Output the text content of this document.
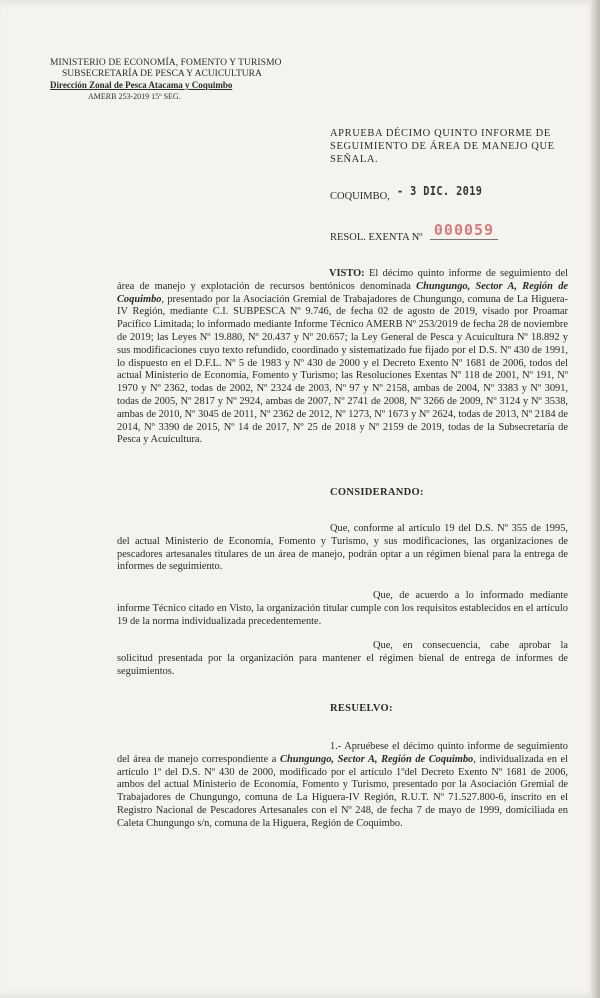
MINISTERIO DE ECONOMÍA, FOMENTO Y TURISMO
SUBSECRETARÍA DE PESCA Y ACUICULTURA
Dirección Zonal de Pesca Atacama y Coquimbo
AMERB 253-2019 15º SEG.
APRUEBA DÉCIMO QUINTO INFORME DE SEGUIMIENTO DE ÁREA DE MANEJO QUE SEÑALA.
COQUIMBO, - 3 DIC. 2019
RESOL. EXENTA Nº 000059
VISTO: El décimo quinto informe de seguimiento del área de manejo y explotación de recursos bentónicos denominada Chungungo, Sector A, Región de Coquimbo, presentado por la Asociación Gremial de Trabajadores de Chungungo, comuna de La Higuera-IV Región, mediante C.I. SUBPESCA Nº 9.746, de fecha 02 de agosto de 2019, visado por Proamar Pacífico Limitada; lo informado mediante Informe Técnico AMERB Nº 253/2019 de fecha 28 de noviembre de 2019; las Leyes Nº 19.880, Nº 20.437 y Nº 20.657; la Ley General de Pesca y Acuicultura Nº 18.892 y sus modificaciones cuyo texto refundido, coordinado y sistematizado fue fijado por el D.S. Nº 430 de 1991, lo dispuesto en el D.F.L. Nº 5 de 1983 y Nº 430 de 2000 y el Decreto Exento Nº 1681 de 2006, todos del actual Ministerio de Economía, Fomento y Turismo; las Resoluciones Exentas Nº 118 de 2001, Nº 191, Nº 1970 y Nº 2362, todas de 2002, Nº 2324 de 2003, Nº 97 y Nº 2158, ambas de 2004, Nº 3383 y Nº 3091, todas de 2005, Nº 2817 y Nº 2924, ambas de 2007, Nº 2741 de 2008, Nº 3266 de 2009, Nº 3124 y Nº 3538, ambas de 2010, Nº 3045 de 2011, Nº 2362 de 2012, Nº 1273, Nº 1673 y Nº 2624, todas de 2013, Nº 2184 de 2014, Nº 3390 de 2015, Nº 14 de 2017, Nº 25 de 2018 y Nº 2159 de 2019, todas de la Subsecretaría de Pesca y Acuicultura.
CONSIDERANDO:
Que, conforme al artículo 19 del D.S. Nº 355 de 1995, del actual Ministerio de Economía, Fomento y Turismo, y sus modificaciones, las organizaciones de pescadores artesanales titulares de un área de manejo, podrán optar a un régimen bienal para la entrega de informes de seguimiento.
Que, de acuerdo a lo informado mediante informe Técnico citado en Visto, la organización titular cumple con los requisitos establecidos en el artículo 19 de la norma individualizada precedentemente.
Que, en consecuencia, cabe aprobar la solicitud presentada por la organización para mantener el régimen bienal de entrega de informes de seguimientos.
RESUELVO:
1.- Apruébese el décimo quinto informe de seguimiento del área de manejo correspondiente a Chungungo, Sector A, Región de Coquimbo, individualizada en el artículo 1º del D.S. Nº 430 de 2000, modificado por el artículo 1ºdel Decreto Exento Nº 1681 de 2006, ambos del actual Ministerio de Economía, Fomento y Turismo, presentado por la Asociación Gremial de Trabajadores de Chungungo, comuna de La Higuera-IV Región, R.U.T. Nº 71.527.800-6, inscrito en el Registro Nacional de Pescadores Artesanales con el Nº 248, de fecha 7 de mayo de 1999, domiciliada en Caleta Chungungo s/n, comuna de la Higuera, Región de Coquimbo.
